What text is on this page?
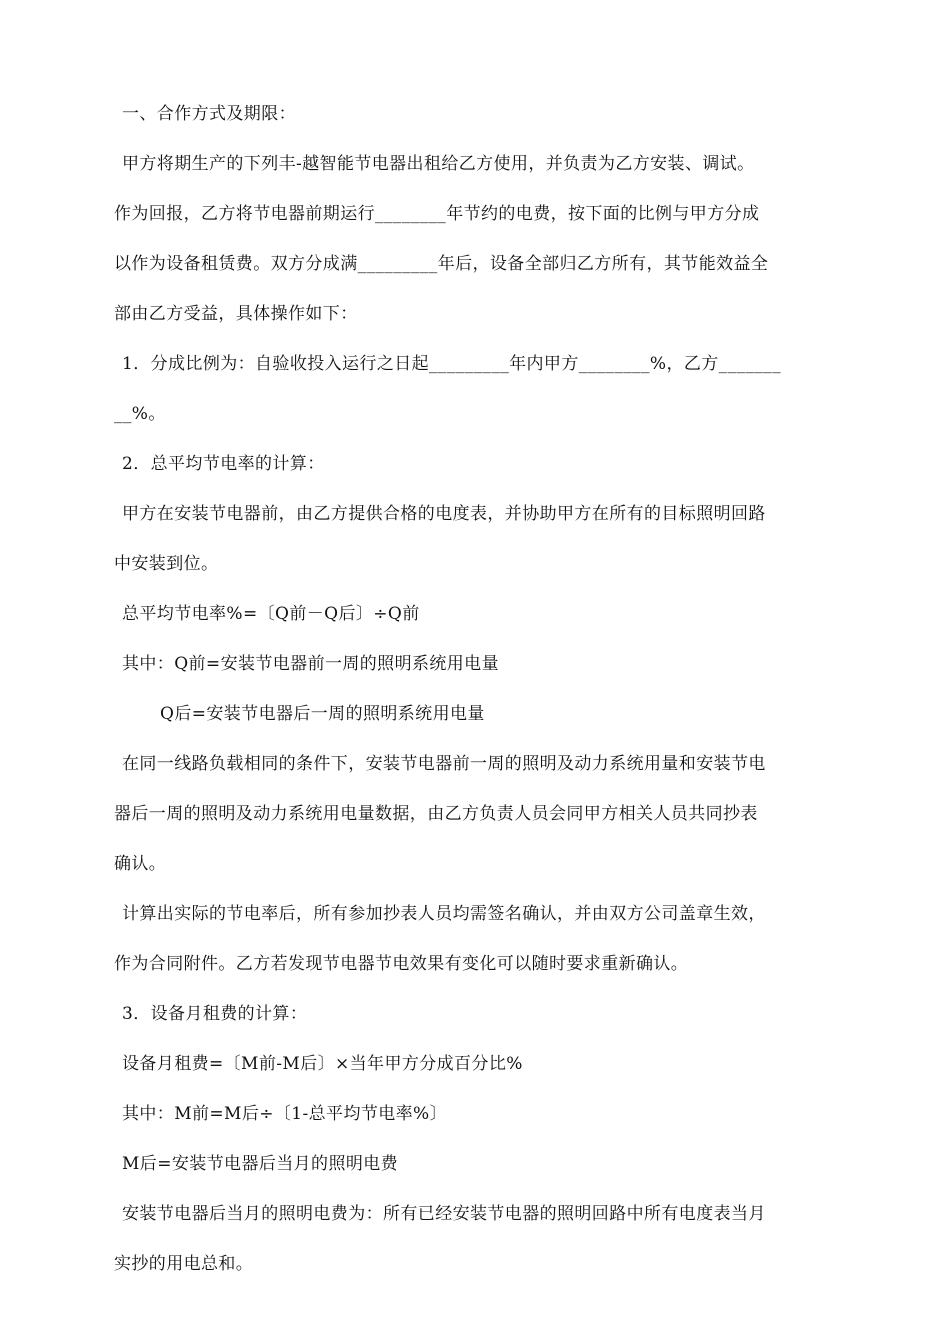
一、合作方式及期限：
甲方将期生产的下列丰-越智能节电器出租给乙方使用，并负责为乙方安装、调试。
作为回报，乙方将节电器前期运行________年节约的电费，按下面的比例与甲方分成
以作为设备租赁费。双方分成满_________年后，设备全部归乙方所有，其节能效益全
部由乙方受益，具体操作如下：
1．分成比例为：自验收投入运行之日起_________年内甲方________%，乙方_______
__%。
2．总平均节电率的计算：
甲方在安装节电器前，由乙方提供合格的电度表，并协助甲方在所有的目标照明回路
中安装到位。
总平均节电率%=〔Q前－Q后〕÷Q前
其中：Q前=安装节电器前一周的照明系统用电量
Q后=安装节电器后一周的照明系统用电量
在同一线路负载相同的条件下，安装节电器前一周的照明及动力系统用量和安装节电
器后一周的照明及动力系统用电量数据，由乙方负责人员会同甲方相关人员共同抄表
确认。
计算出实际的节电率后，所有参加抄表人员均需签名确认，并由双方公司盖章生效，
作为合同附件。乙方若发现节电器节电效果有变化可以随时要求重新确认。
3．设备月租费的计算：
设备月租费=〔M前-M后〕×当年甲方分成百分比%
其中：M前=M后÷〔1-总平均节电率%〕
M后=安装节电器后当月的照明电费
安装节电器后当月的照明电费为：所有已经安装节电器的照明回路中所有电度表当月
实抄的用电总和。
